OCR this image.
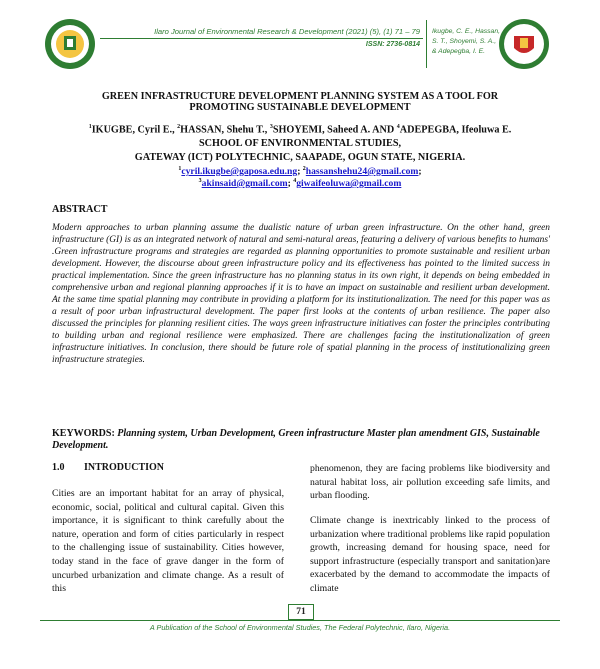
Ilaro Journal of Environmental Research & Development (2021) (5), (1) 71 – 79
ISSN: 2736-0814
Ikugbe, C. E., Hassan,
S. T., Shoyemi, S. A.,
& Adepegba, I. E.
GREEN INFRASTRUCTURE DEVELOPMENT PLANNING SYSTEM AS A TOOL FOR
PROMOTING SUSTAINABLE DEVELOPMENT
$^1$IKUGBE, Cyril E., $^2$HASSAN, Shehu T., $^3$SHOYEMI, Saheed A. AND $^4$ADEPEGBA, Ifeoluwa E.
SCHOOL OF ENVIRONMENTAL STUDIES,
GATEWAY (ICT) POLYTECHNIC, SAAPADE, OGUN STATE, NIGERIA.
$^1$cyril.ikugbe@gaposa.edu.ng; $^2$hassanshehu24@gmail.com;
$^3$akinsaid@gmail.com; $^4$giwaifeoluwa@gmail.com
ABSTRACT

Modern approaches to urban planning assume the dualistic nature of urban green infrastructure. On the other hand, green infrastructure (GI) is as an integrated network of natural and semi-natural areas, featuring a delivery of various benefits to humans' .Green infrastructure programs and strategies are regarded as planning opportunities to promote sustainable and resilient urban development. However, the discourse about green infrastructure policy and its effectiveness has pointed to the limited success in practical implementation. Since the green infrastructure has no planning status in its own right, it depends on being embedded in comprehensive urban and regional planning approaches if it is to have an impact on sustainable and resilient urban development. At the same time spatial planning may contribute in providing a platform for its institutionalization. The need for this paper was as a result of poor urban infrastructural development. The paper first looks at the contents of urban resilience. The paper also discussed the principles for planning resilient cities. The ways green infrastructure initiatives can foster the principles contributing to building urban and regional resilience were emphasized. There are challenges facing the institutionalization of green infrastructure initiatives. In conclusion, there should be future role of spatial planning in the process of institutionalizing green infrastructure strategies.

KEYWORDS: Planning system, Urban Development, Green infrastructure Master plan amendment GIS, Sustainable Development.

1.0 INTRODUCTION

Cities are an important habitat for an array of physical, economic, social, political and cultural capital. Given this importance, it is significant to think carefully about the nature, operation and form of cities particularly in respect to the challenging issue of sustainability. Cities however, today stand in the face of grave danger in the form of uncurbed urbanization and climate change. As a result of this

phenomenon, they are facing problems like biodiversity and natural habitat loss, air pollution exceeding safe limits, and urban flooding.

Climate change is inextricably linked to the process of urbanization where traditional problems like rapid population growth, increasing demand for housing space, need for support infrastructure (especially transport and sanitation)are exacerbated by the demand to accommodate the impacts of climate

71
A Publication of the School of Environmental Studies, The Federal Polytechnic, Ilaro, Nigeria.
